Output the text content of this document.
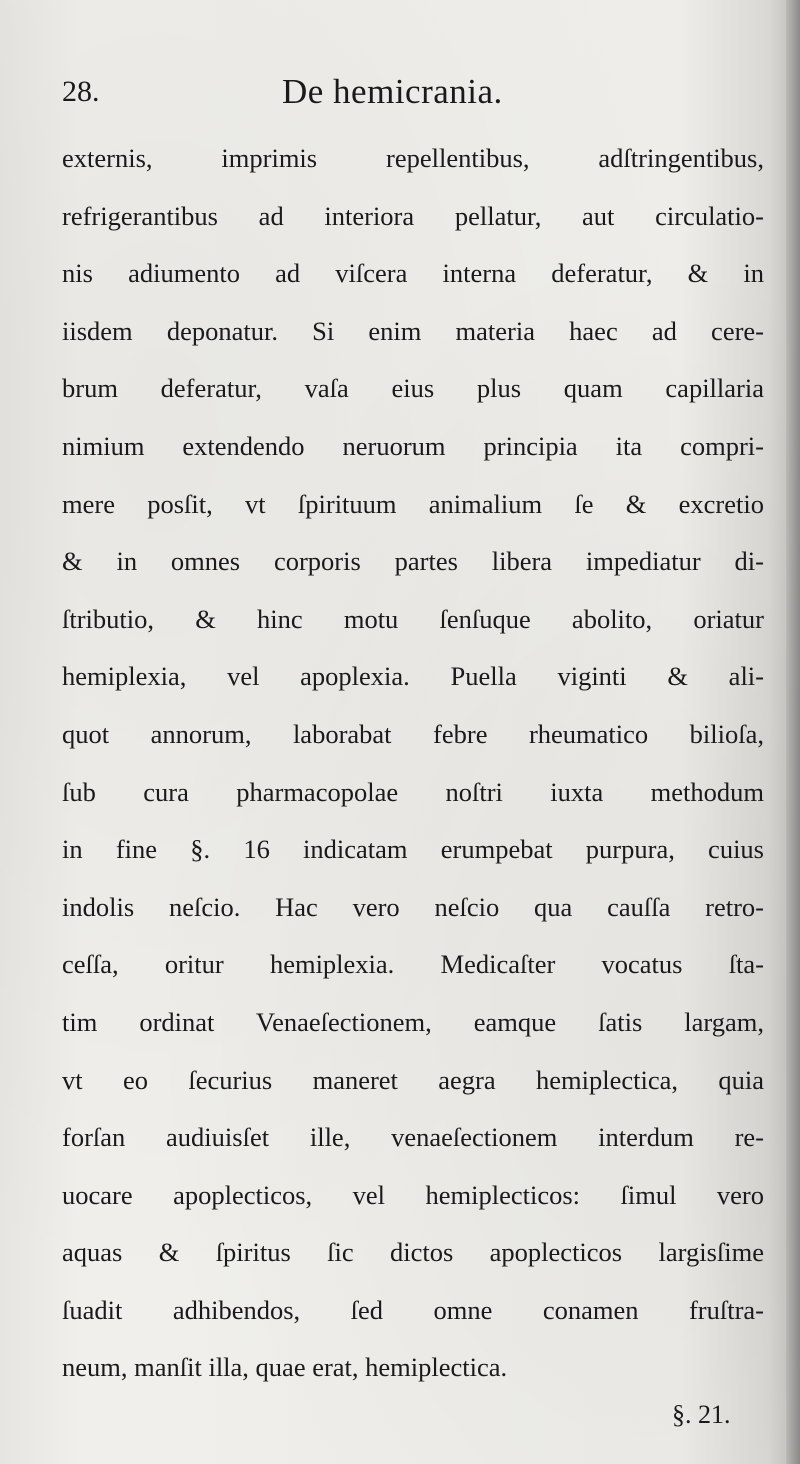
28.	De hemicrania.
externis, imprimis repellentibus, adſtringentibus,
refrigerantibus ad interiora pellatur, aut circulatio-
nis adiumento ad viſcera interna deferatur, & in
iisdem deponatur. Si enim materia haec ad cere-
brum deferatur, vaſa eius plus quam capillaria
nimium extendendo neruorum principia ita compri-
mere posſit, vt ſpirituum animalium ſe & excretio
& in omnes corporis partes libera impediatur di-
ſtributio, & hinc motu ſenſuque abolito, oriatur
hemiplexia, vel apoplexia. Puella viginti & ali-
quot annorum, laborabat febre rheumatico bilioſa,
ſub cura pharmacopolae noſtri iuxta methodum
in fine §. 16 indicatam erumpebat purpura, cuius
indolis neſcio. Hac vero neſcio qua cauſſa retro-
ceſſa, oritur hemiplexia. Medicaſter vocatus ſta-
tim ordinat Venaeſectionem, eamque ſatis largam,
vt eo ſecurius maneret aegra hemiplectica, quia
forſan audiuisſet ille, venaeſectionem interdum re-
uocare apoplecticos, vel hemiplecticos: ſimul vero
aquas & ſpiritus ſic dictos apoplecticos largisſime
ſuadit adhibendos, ſed omne conamen fruſtra-
neum, manſit illa, quae erat, hemiplectica.
§. 21.
